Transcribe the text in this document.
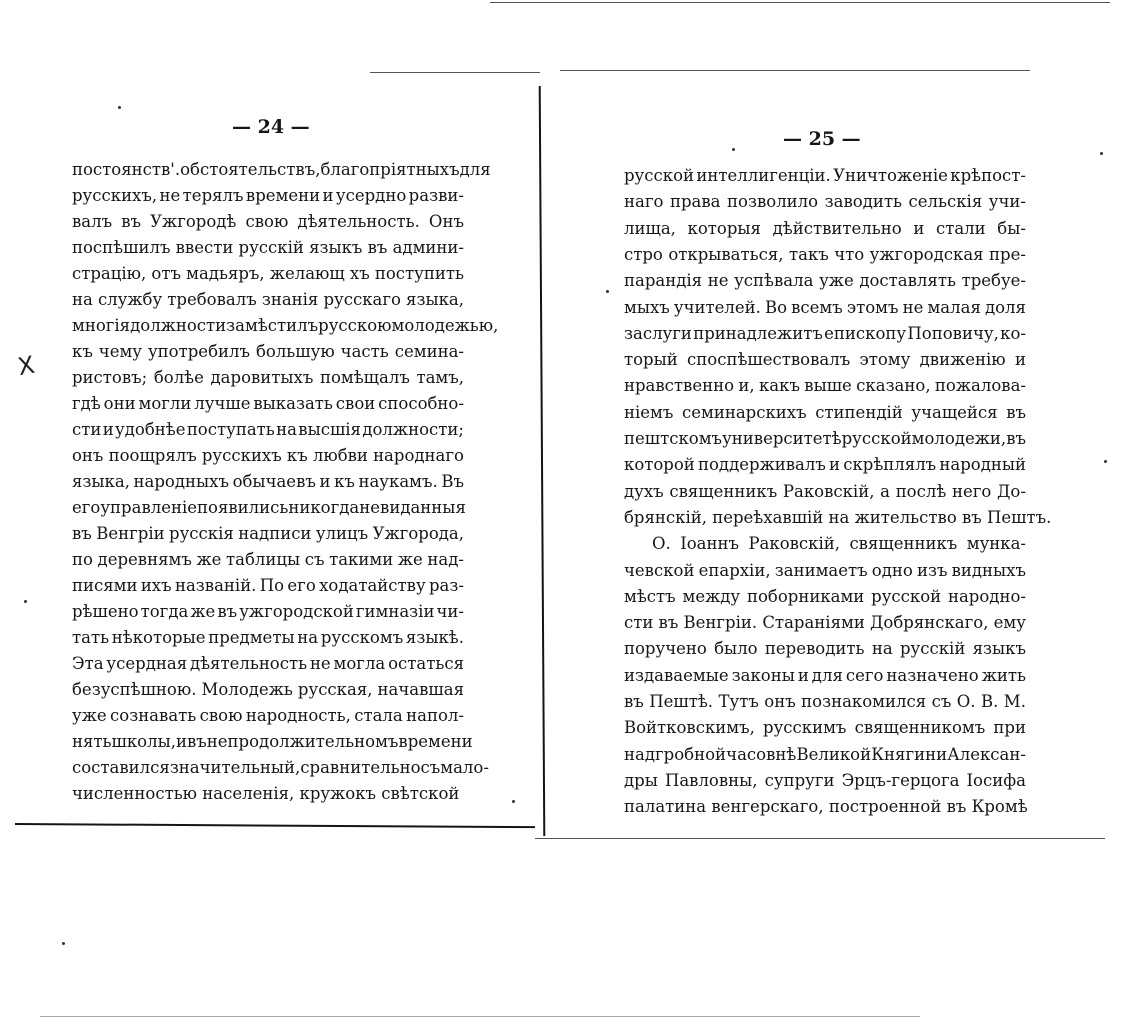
— 24 —
X
постоянств'. обстоятельствъ, благопріятныхъ для
русскихъ, не терялъ времени и усердно разви-
валъ въ Ужгородѣ свою дѣятельность. Онъ
поспѣшилъ ввести русскій языкъ въ админи-
страцію, отъ мадьяръ, желающ хъ поступить
на службу требовалъ знанія русскаго языка,
многія должности замѣстилъ русскою молодежью,
къ чему употребилъ большую часть семина-
ристовъ; болѣе даровитыхъ помѣщалъ тамъ,
гдѣ они могли лучше выказать свои способно-
сти и удобнѣе поступать на высшія должности;
онъ поощрялъ русскихъ къ любви народнаго
языка, народныхъ обычаевъ и къ наукамъ. Въ
его управленіе появились никогда невиданныя
въ Венгріи русскія надписи улицъ Ужгорода,
по деревнямъ же таблицы съ такими же над-
писями ихъ названій. По его ходатайству раз-
рѣшено тогда же въ ужгородской гимназіи чи-
тать нѣкоторые предметы на русскомъ языкѣ.
Эта усердная дѣятельность не могла остаться
безуспѣшною. Молодежь русская, начавшая
уже сознавать свою народность, стала напол-
нять школы, и въ непродолжительномъ времени
составился значительный, сравнительно съ мало-
численностью населенія, кружокъ свѣтской
— 25 —
русской интеллигенціи. Уничтоженіе крѣпост-
наго права позволило заводить сельскія учи-
лища, которыя дѣйствительно и стали бы-
стро открываться, такъ что ужгородская пре-
парандія не успѣвала уже доставлять требуе-
мыхъ учителей. Во всемъ этомъ не малая доля
заслуги принадлежитъ епископу Поповичу, ко-
торый споспѣшествовалъ этому движенію и
нравственно и, какъ выше сказано, пожалова-
ніемъ семинарскихъ стипендій учащейся въ
пештскомъ университетѣ русской молодежи, въ
которой поддерживалъ и скрѣплялъ народный
духъ священникъ Раковскій, а послѣ него До-
брянскій, переѣхавшій на жительство въ Пештъ.
О. Іоаннъ Раковскій, священникъ мунка-
чевской епархіи, занимаетъ одно изъ видныхъ
мѣстъ между поборниками русской народно-
сти въ Венгріи. Стараніями Добрянскаго, ему
поручено было переводить на русскій языкъ
издаваемые законы и для сего назначено жить
въ Пештѣ. Тутъ онъ познакомился съ О. В. М.
Войтковскимъ, русскимъ священникомъ при
надгробной часовнѣ Великой Княгини Алексан-
дры Павловны, супруги Эрцъ-герцога Іосифа
палатина венгерскаго, построенной въ Кромѣ
